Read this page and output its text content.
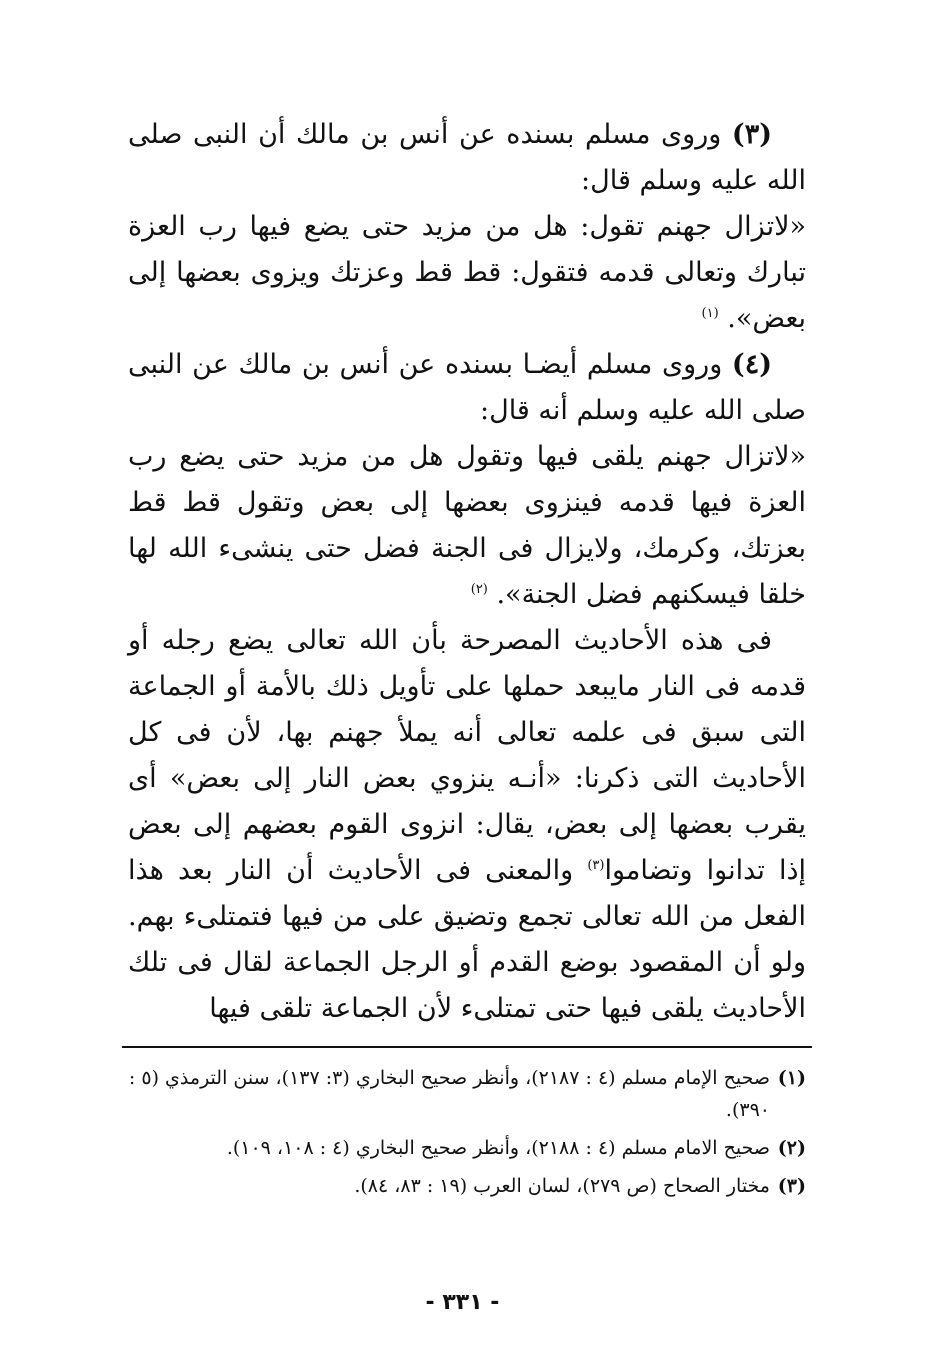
(٣) وروى مسلم بسنده عن أنس بن مالك أن النبى صلى الله عليه وسلم قال:

«لاتزال جهنم تقول: هل من مزيد حتى يضع فيها رب العزة تبارك وتعالى قدمه فتقول: قط قط وعزتك ويزوى بعضها إلى بعض». $^{(١)}$

(٤) وروى مسلم أيضـا بسنده عن أنس بن مالك عن النبى صلى الله عليه وسلم أنه قال:

«لاتزال جهنم يلقى فيها وتقول هل من مزيد حتى يضع رب العزة فيها قدمه فينزوى بعضها إلى بعض وتقول قط قط بعزتك، وكرمك، ولايزال فى الجنة فضل حتى ينشىء الله لها خلقا فيسكنهم فضل الجنة». $^{(٢)}$

فى هذه الأحاديث المصرحة بأن الله تعالى يضع رجله أو قدمه فى النار مايبعد حملها على تأويل ذلك بالأمة أو الجماعة التى سبق فى علمه تعالى أنه يملأ جهنم بها، لأن فى كل الأحاديث التى ذكرنا: «أنـه ينزوي بعض النار إلى بعض» أى يقرب بعضها إلى بعض، يقال: انزوى القوم بعضهم إلى بعض إذا تدانوا وتضاموا$^{(٣)}$ والمعنى فى الأحاديث أن النار بعد هذا الفعل من الله تعالى تجمع وتضيق على من فيها فتمتلىء بهم. ولو أن المقصود بوضع القدم أو الرجل الجماعة لقال فى تلك الأحاديث يلقى فيها حتى تمتلىء لأن الجماعة تلقى فيها

(١)صحيح الإمام مسلم (٤ : ٢١٨٧)، وأنظر صحيح البخاري (٣: ١٣٧)، سنن الترمذي (٥ : ٣٩٠).

(٢)صحيح الامام مسلم (٤ : ٢١٨٨)، وأنظر صحيح البخاري (٤ : ١٠٨، ١٠٩).

(٣)مختار الصحاح (ص ٢٧٩)، لسان العرب (١٩ : ٨٣، ٨٤).

- ٣٣١ -
